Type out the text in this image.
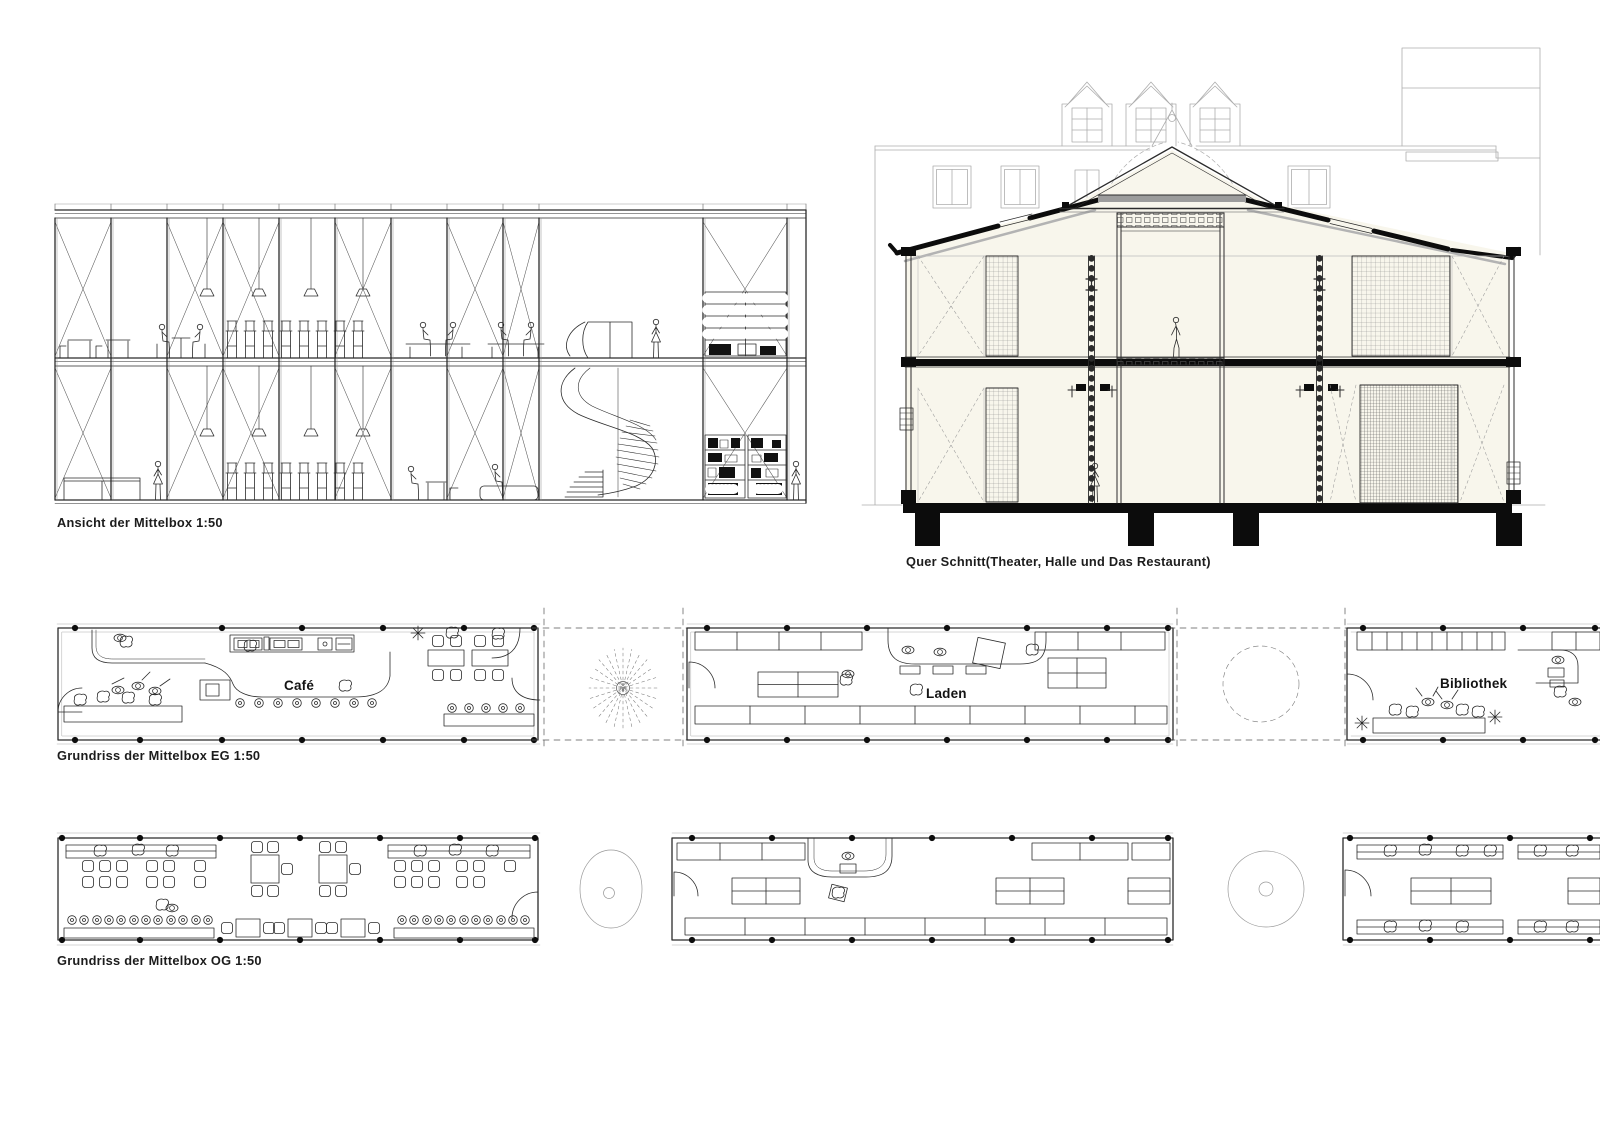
Ansicht der Mittelbox 1:50
Quer Schnitt(Theater, Halle und Das Restaurant)
Grundriss der Mittelbox EG 1:50
Grundriss der Mittelbox OG 1:50
Café
Laden
Bibliothek
